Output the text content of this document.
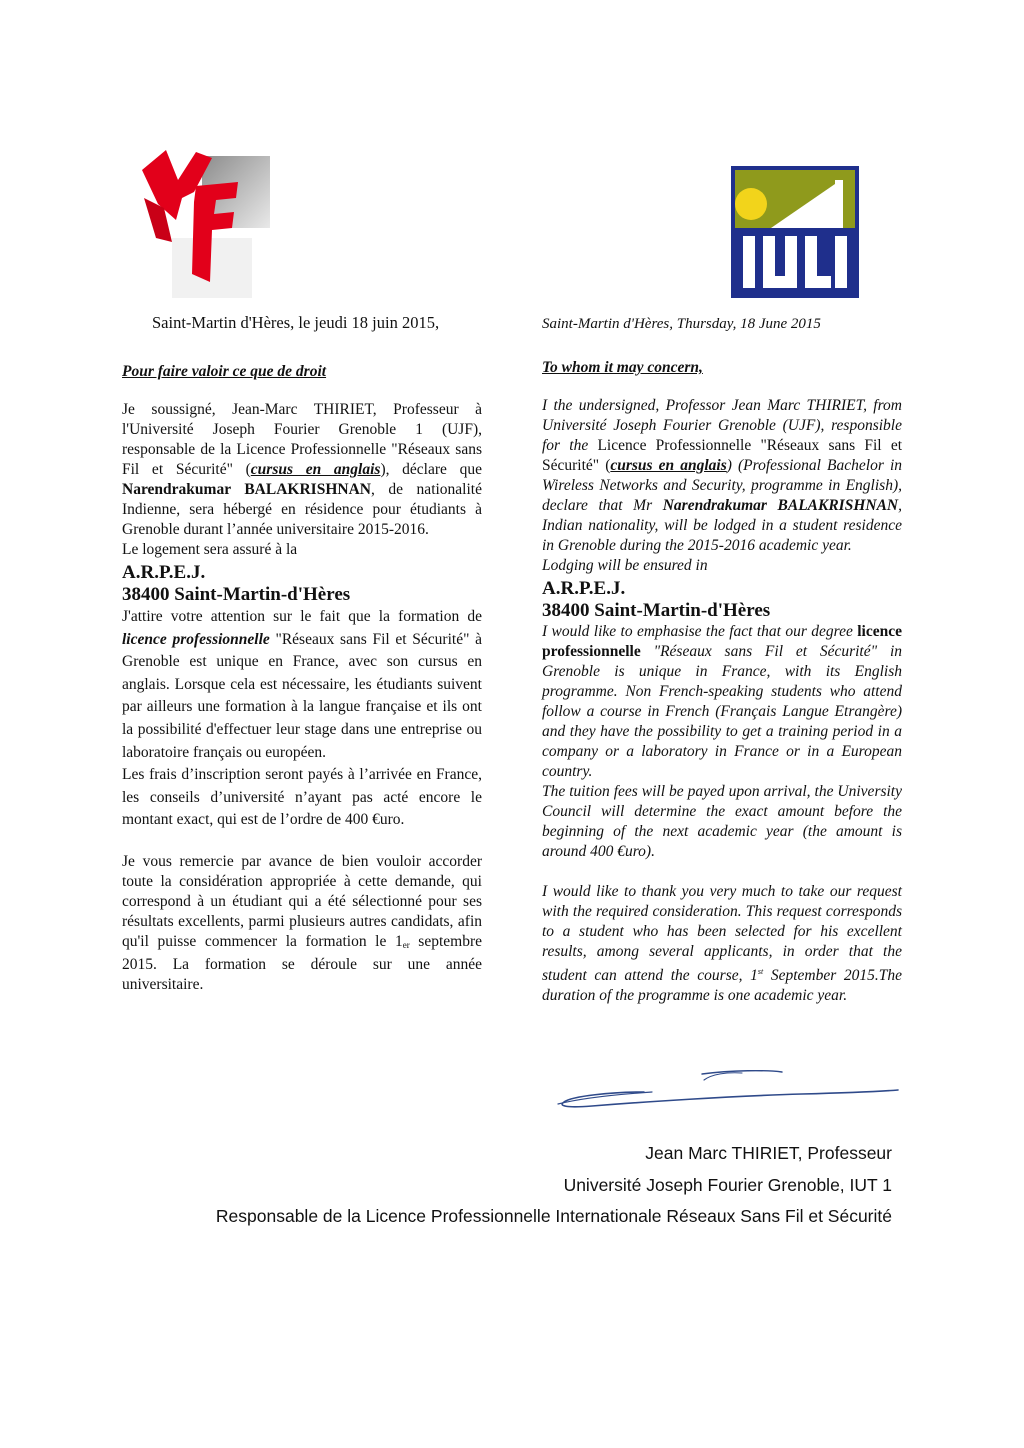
Saint-Martin d'Hères, le jeudi 18 juin 2015,
Pour faire valoir ce que de droit

Je soussigné, Jean-Marc THIRIET, Professeur à l'Université Joseph Fourier Grenoble 1 (UJF), responsable de la Licence Professionnelle "Réseaux sans Fil et Sécurité" (cursus en anglais), déclare que Narendrakumar BALAKRISHNAN, de nationalité Indienne, sera hébergé en résidence pour étudiants à Grenoble durant l’année universitaire 2015-2016.

Le logement sera assuré à la

A.R.P.E.J.
38400 Saint-Martin-d'Hères

J'attire votre attention sur le fait que la formation de licence professionnelle "Réseaux sans Fil et Sécurité" à Grenoble est unique en France, avec son cursus en anglais. Lorsque cela est nécessaire, les étudiants suivent par ailleurs une formation à la langue française et ils ont la possibilité d'effectuer leur stage dans une entreprise ou laboratoire français ou européen.

Les frais d’inscription seront payés à l’arrivée en France, les conseils d’université n’ayant pas acté encore le montant exact, qui est de l’ordre de 400 €uro.

Je vous remercie par avance de bien vouloir accorder toute la considération appropriée à cette demande, qui correspond à un étudiant qui a été sélectionné pour ses résultats excellents, parmi plusieurs autres candidats, afin qu'il puisse commencer la formation le $1_{er}$ septembre 2015. La formation se déroule sur une année universitaire.

Saint-Martin d'Hères, Thursday, 18 June 2015
To whom it may concern,

I the undersigned, Professor Jean Marc THIRIET, from Université Joseph Fourier Grenoble (UJF), responsible for the Licence Professionnelle "Réseaux sans Fil et Sécurité" (cursus en anglais) (Professional Bachelor in Wireless Networks and Security, programme in English), declare that Mr Narendrakumar BALAKRISHNAN, Indian nationality, will be lodged in a student residence in Grenoble during the 2015-2016 academic year.

Lodging will be ensured in

A.R.P.E.J.
38400 Saint-Martin-d'Hères

I would like to emphasise the fact that our degree licence professionnelle "Réseaux sans Fil et Sécurité" in Grenoble is unique in France, with its English programme. Non French-speaking students who attend follow a course in French (Français Langue Etrangère) and they have the possibility to get a training period in a company or a laboratory in France or in a European country.

The tuition fees will be payed upon arrival, the University Council will determine the exact amount before the beginning of the next academic year (the amount is around 400 €uro).

I would like to thank you very much to take our request with the required consideration. This request corresponds to a student who has been selected for his excellent results, among several applicants, in order that the student can attend the course, 1st September 2015.The duration of the programme is one academic year.

Jean Marc THIRIET, Professeur
Université Joseph Fourier Grenoble, IUT 1
Responsable de la Licence Professionnelle Internationale Réseaux Sans Fil et Sécurité
